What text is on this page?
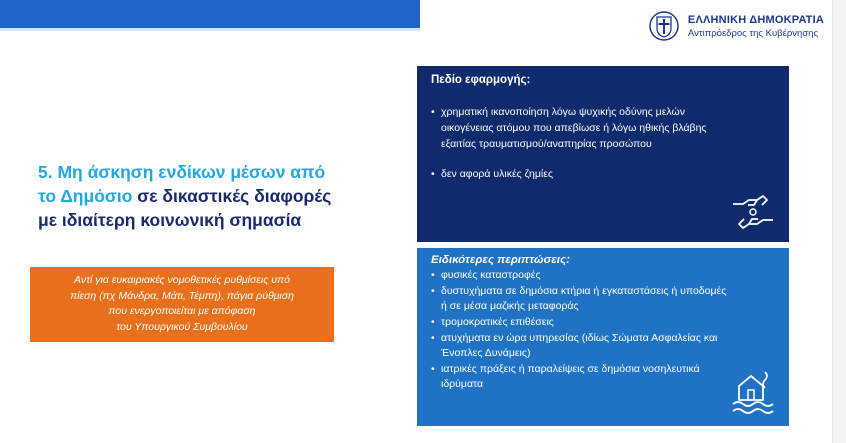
ΕΛΛΗΝΙΚΗ ΔΗΜΟΚΡΑΤΙΑ
Αντιπρόεδρος της Κυβέρνησης
5. Μη άσκηση ενδίκων μέσων από το Δημόσιο σε δικαστικές διαφορές με ιδιαίτερη κοινωνική σημασία
Αντί για ευκαιριακές νομοθετικές ρυθμίσεις υπό
πίεση (πχ Μάνδρα, Μάτι, Τέμπη), πάγια ρύθμιση
που ενεργοποιείται με απόφαση
του Υπουργικού Συμβουλίου
Πεδίο εφαρμογής:
• χρηματική ικανοποίηση λόγω ψυχικής οδύνης μελών οικογένειας ατόμου που απεβίωσε ή λόγω ηθικής βλάβης εξαιτίας τραυματισμού/αναπηρίας προσώπου
• δεν αφορά υλικές ζημίες
Ειδικότερες περιπτώσεις:
• φυσικές καταστροφές
• δυστυχήματα σε δημόσια κτήρια ή εγκαταστάσεις ή υποδομές ή σε μέσα μαζικής μεταφοράς
• τρομοκρατικές επιθέσεις
• ατυχήματα εν ώρα υπηρεσίας (ιδίως Σώματα Ασφαλείας και Ένοπλες Δυνάμεις)
• ιατρικές πράξεις ή παραλείψεις σε δημόσια νοσηλευτικά ιδρύματα
